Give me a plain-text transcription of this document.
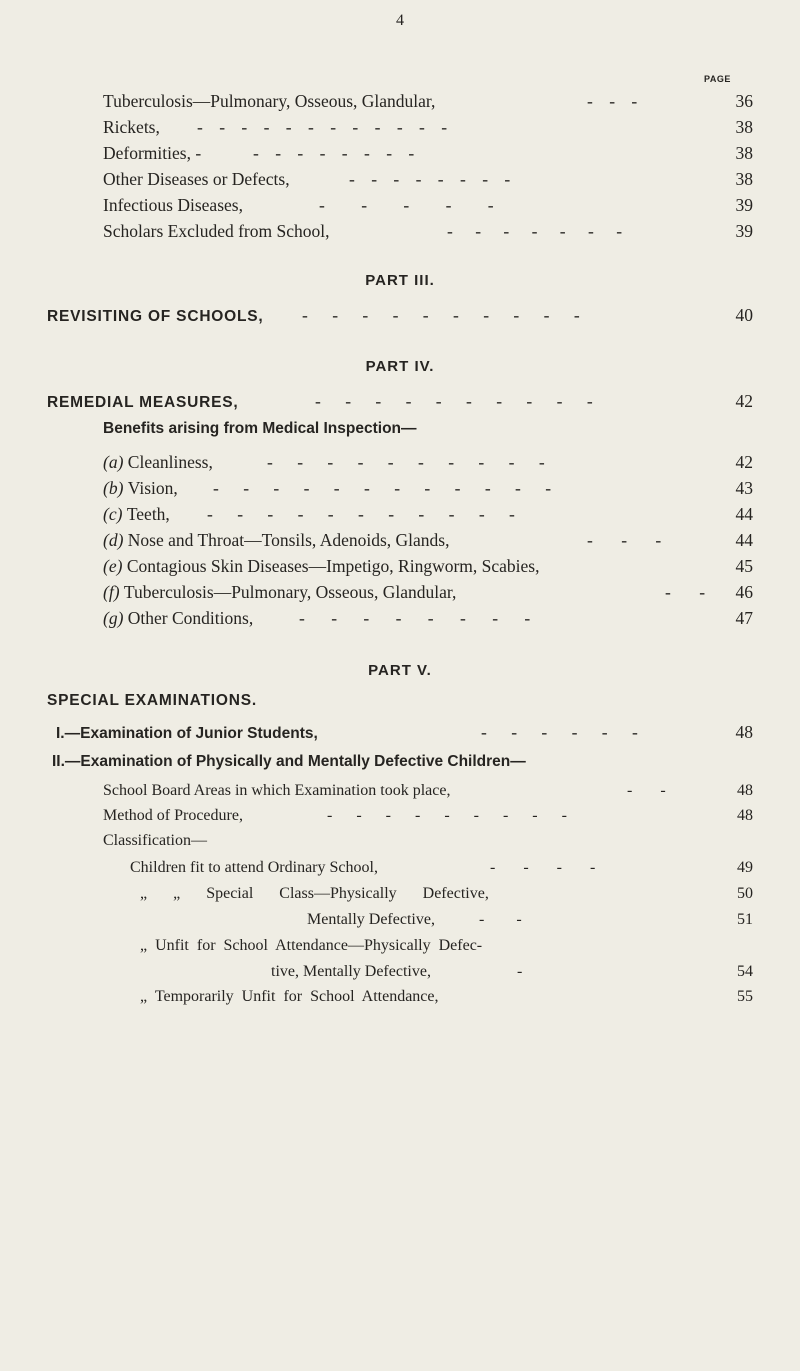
4
PAGE
Tuberculosis—Pulmonary, Osseous, Glandular,	- - -	36
Rickets, - - - - - - - - - - - -	38
Deformities, -	- - - - - - - -	38
Other Diseases or Defects,	- - - - - - - -	38
Infectious Diseases,	- - - - -	39
Scholars Excluded from School,	- - - - - - -	39
PART III.
REVISITING OF SCHOOLS, - - - - - - - - - -	40
PART IV.
REMEDIAL MEASURES,	- - - - - - - - - -	42
Benefits arising from Medical Inspection—
(a) Cleanliness,	- - - - - - - - - -	42
(b) Vision, - - - - - - - - - - - -	43
(c) Teeth, - - - - - - - - - - -	44
(d) Nose and Throat—Tonsils, Adenoids, Glands,	- - -	44
(e) Contagious Skin Diseases—Impetigo, Ringworm, Scabies,	45
(f) Tuberculosis—Pulmonary, Osseous, Glandular,	- - 46
(g) Other Conditions,	- - - - - - - -	47
PART V.
SPECIAL EXAMINATIONS.
I.—Examination of Junior Students,	- - - - - -	48
II.—Examination of Physically and Mentally Defective Children—
School Board Areas in which Examination took place,	- -	48
Method of Procedure,	- - - - - - - - -	48
Classification—
Children fit to attend Ordinary School,	- - - -	49
„ „ Special Class—Physically Defective,	50
Mentally Defective,	- -	51
„ Unfit for School Attendance—Physically Defec-
tive, Mentally Defective,	-	54
„ Temporarily Unfit for School Attendance,	55
